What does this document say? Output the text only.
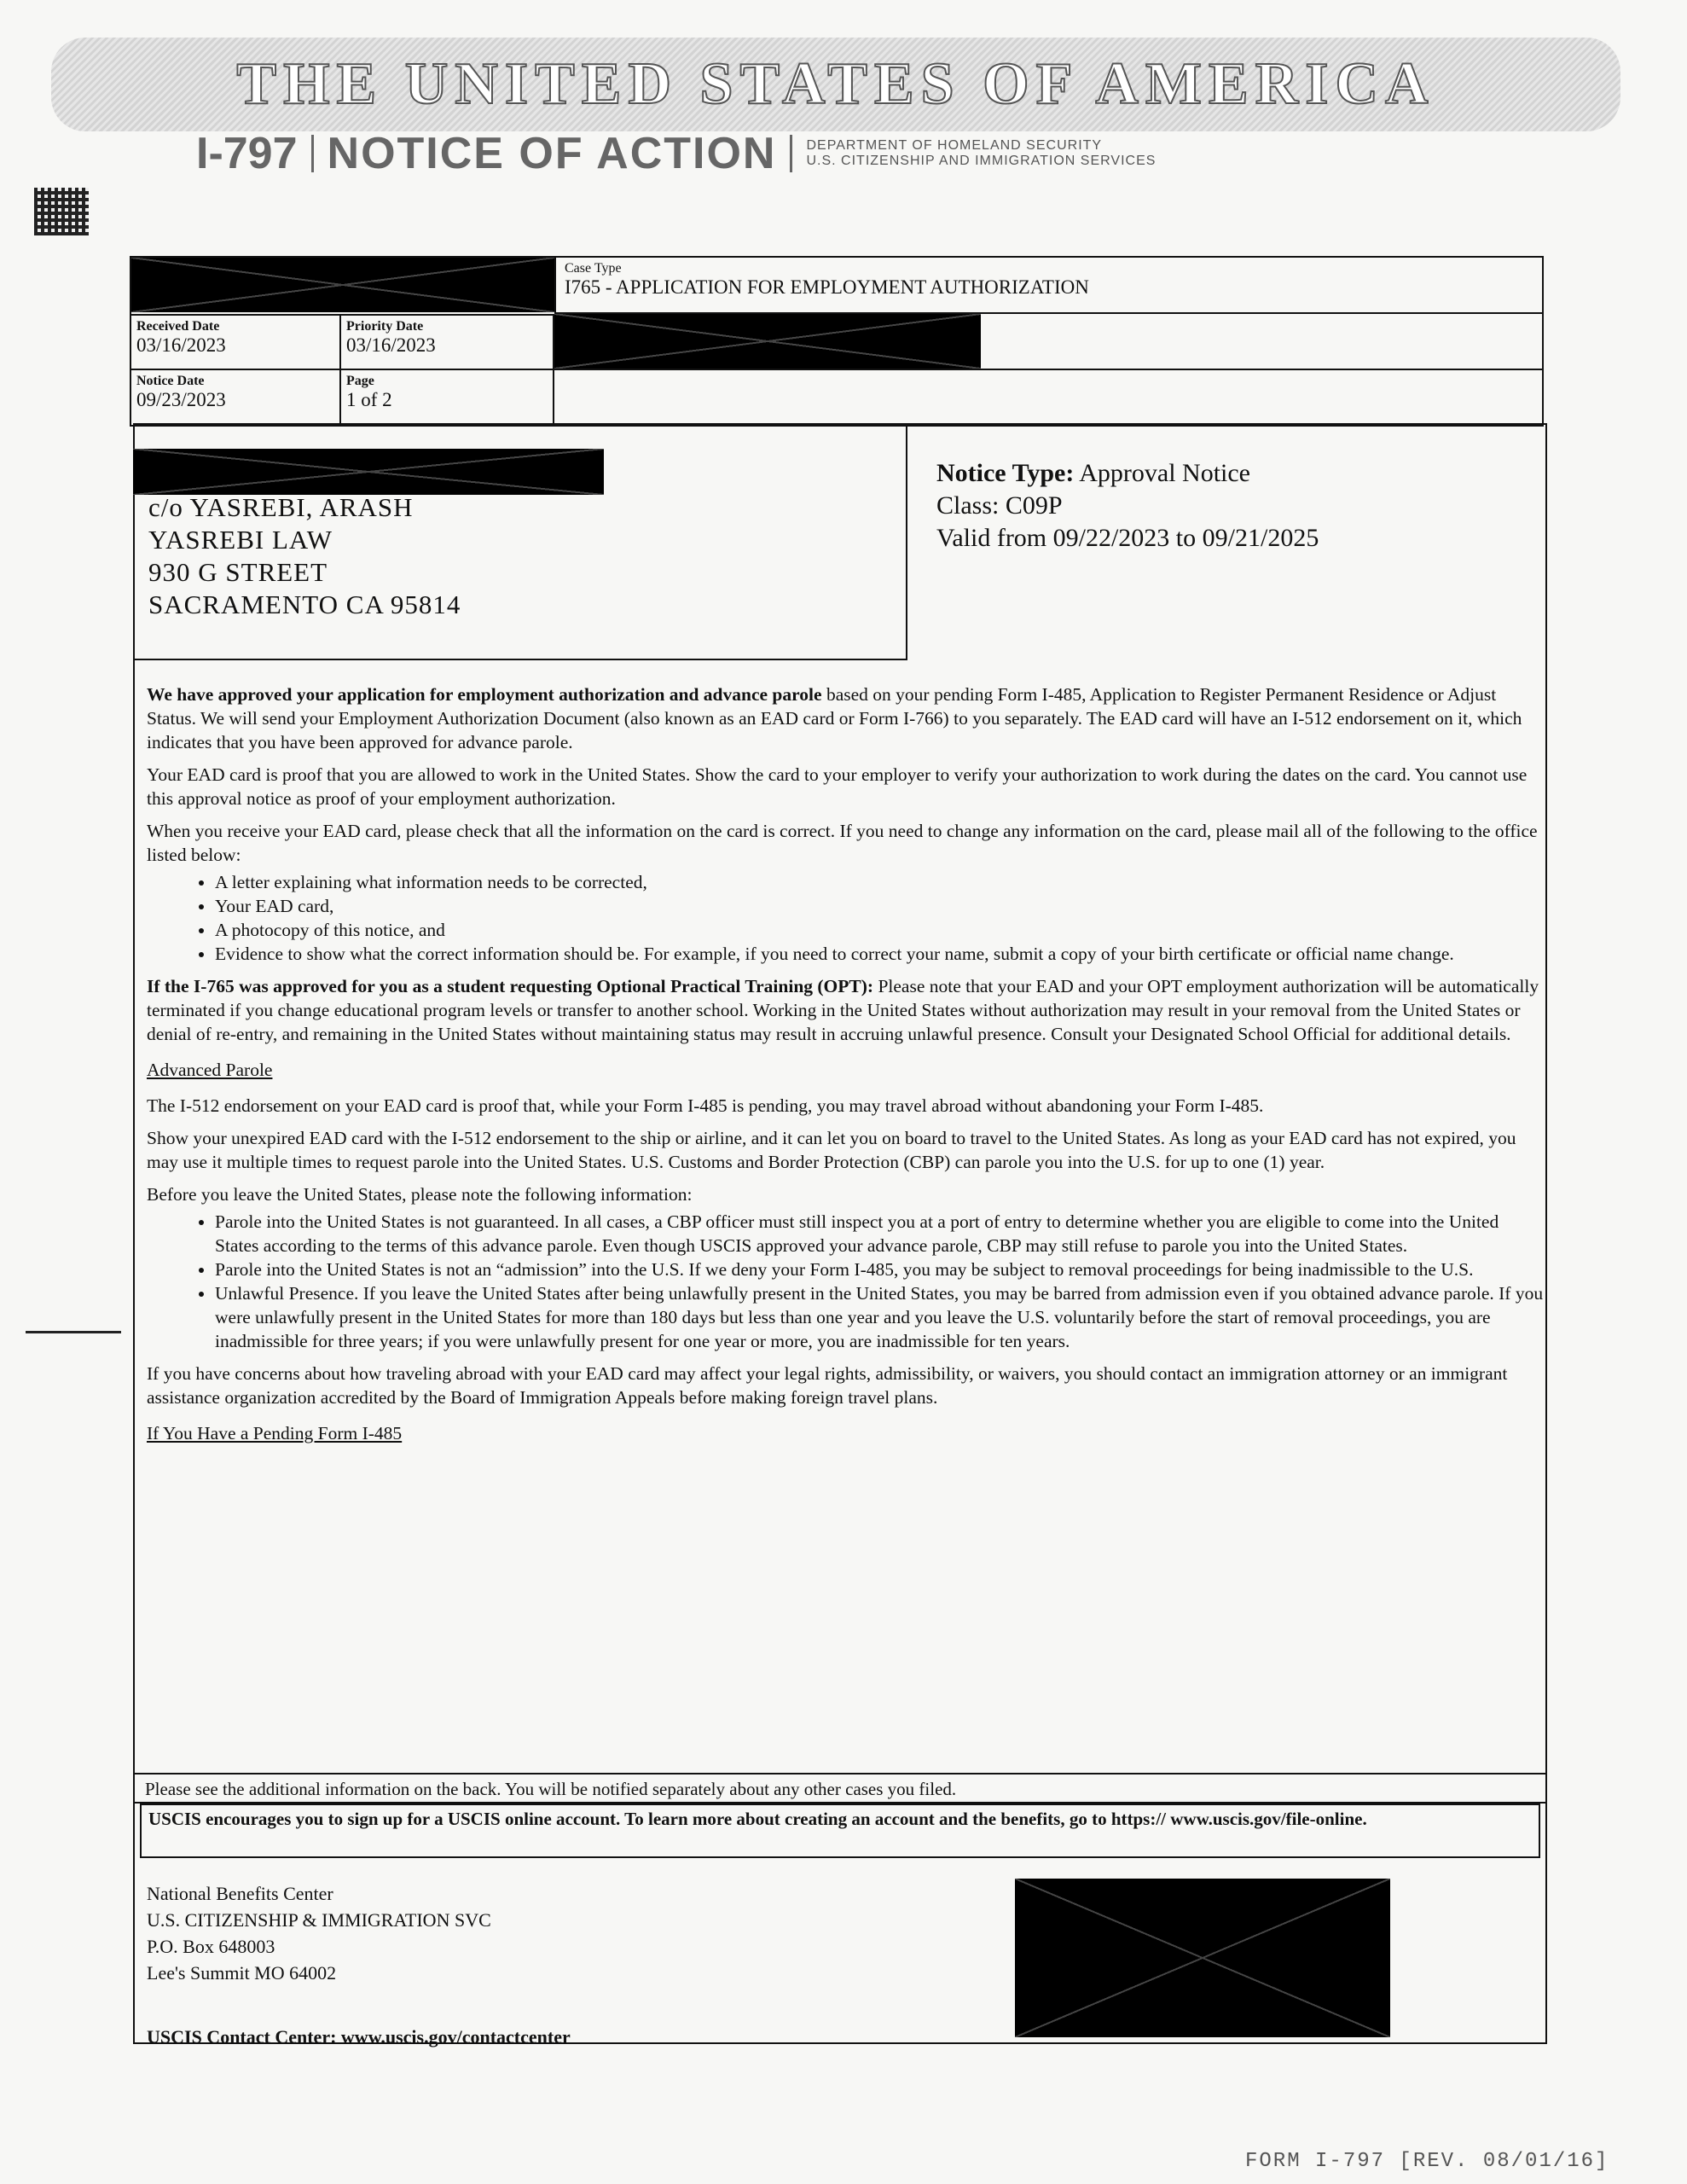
THE UNITED STATES OF AMERICA
I-797 NOTICE OF ACTION DEPARTMENT OF HOMELAND SECURITY
U.S. CITIZENSHIP AND IMMIGRATION SERVICES
Case Type
I765 - APPLICATION FOR EMPLOYMENT AUTHORIZATION
Received Date
03/16/2023
Priority Date
03/16/2023
Notice Date
09/23/2023
Page
1 of 2
c/o YASREBI, ARASH
YASREBI LAW
930 G STREET
SACRAMENTO CA 95814
Notice Type: Approval Notice
Class: C09P
Valid from 09/22/2023 to 09/21/2025

We have approved your application for employment authorization and advance parole based on your pending Form I-485, Application to Register Permanent Residence or Adjust Status. We will send your Employment Authorization Document (also known as an EAD card or Form I-766) to you separately. The EAD card will have an I-512 endorsement on it, which indicates that you have been approved for advance parole.

Your EAD card is proof that you are allowed to work in the United States. Show the card to your employer to verify your authorization to work during the dates on the card. You cannot use this approval notice as proof of your employment authorization.

When you receive your EAD card, please check that all the information on the card is correct. If you need to change any information on the card, please mail all of the following to the office listed below:

• A letter explaining what information needs to be corrected,
• Your EAD card,
• A photocopy of this notice, and
• Evidence to show what the correct information should be. For example, if you need to correct your name, submit a copy of your birth certificate or official name change.

If the I-765 was approved for you as a student requesting Optional Practical Training (OPT): Please note that your EAD and your OPT employment authorization will be automatically terminated if you change educational program levels or transfer to another school. Working in the United States without authorization may result in your removal from the United States or denial of re-entry, and remaining in the United States without maintaining status may result in accruing unlawful presence. Consult your Designated School Official for additional details.

Advanced Parole

The I-512 endorsement on your EAD card is proof that, while your Form I-485 is pending, you may travel abroad without abandoning your Form I-485.

Show your unexpired EAD card with the I-512 endorsement to the ship or airline, and it can let you on board to travel to the United States. As long as your EAD card has not expired, you may use it multiple times to request parole into the United States. U.S. Customs and Border Protection (CBP) can parole you into the U.S. for up to one (1) year.

Before you leave the United States, please note the following information:

• Parole into the United States is not guaranteed. In all cases, a CBP officer must still inspect you at a port of entry to determine whether you are eligible to come into the United States according to the terms of this advance parole. Even though USCIS approved your advance parole, CBP may still refuse to parole you into the United States.
• Parole into the United States is not an “admission” into the U.S. If we deny your Form I-485, you may be subject to removal proceedings for being inadmissible to the U.S.
• Unlawful Presence. If you leave the United States after being unlawfully present in the United States, you may be barred from admission even if you obtained advance parole. If you were unlawfully present in the United States for more than 180 days but less than one year and you leave the U.S. voluntarily before the start of removal proceedings, you are inadmissible for three years; if you were unlawfully present for one year or more, you are inadmissible for ten years.

If you have concerns about how traveling abroad with your EAD card may affect your legal rights, admissibility, or waivers, you should contact an immigration attorney or an immigrant assistance organization accredited by the Board of Immigration Appeals before making foreign travel plans.

If You Have a Pending Form I-485

Please see the additional information on the back. You will be notified separately about any other cases you filed.
USCIS encourages you to sign up for a USCIS online account. To learn more about creating an account and the benefits, go to https:// www.uscis.gov/file-online.
National Benefits Center
U.S. CITIZENSHIP & IMMIGRATION SVC
P.O. Box 648003
Lee's Summit MO 64002
USCIS Contact Center: www.uscis.gov/contactcenter
FORM I-797 [REV. 08/01/16]
